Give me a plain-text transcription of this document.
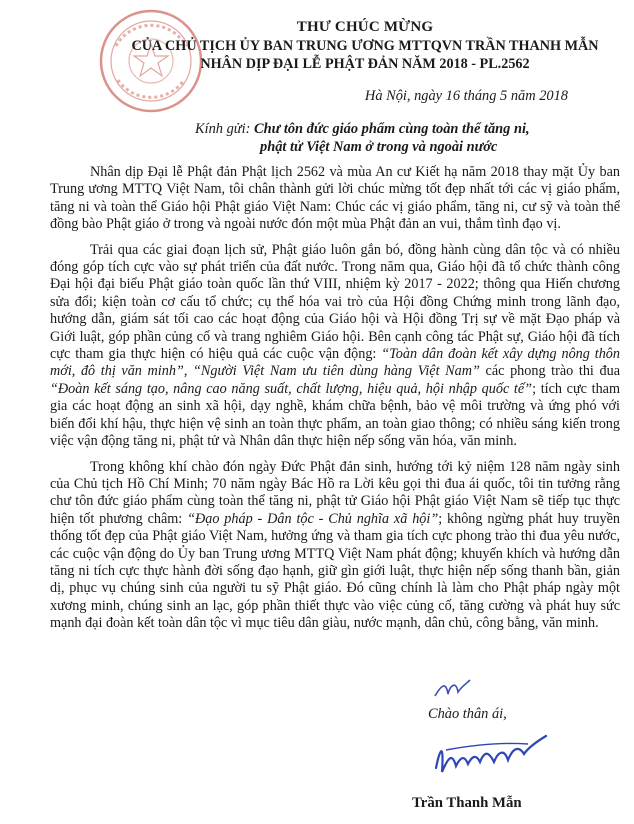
THƯ CHÚC MỪNG
CỦA CHỦ TỊCH ỦY BAN TRUNG ƯƠNG MTTQVN TRẦN THANH MẪN
NHÂN DỊP ĐẠI LỄ PHẬT ĐẢN NĂM 2018 - PL.2562
Hà Nội, ngày 16 tháng 5 năm 2018
Kính gửi: Chư tôn đức giáo phẩm cùng toàn thể tăng ni,
phật tử Việt Nam ở trong và ngoài nước

Nhân dịp Đại lễ Phật đản Phật lịch 2562 và mùa An cư Kiết hạ năm 2018 thay mặt Ủy ban Trung ương MTTQ Việt Nam, tôi chân thành gửi lời chúc mừng tốt đẹp nhất tới các vị giáo phẩm, tăng ni và toàn thể Giáo hội Phật giáo Việt Nam: Chúc các vị giáo phẩm, tăng ni, cư sỹ và toàn thể đồng bào Phật giáo ở trong và ngoài nước đón một mùa Phật đản an vui, thắm tình đạo vị.

Trải qua các giai đoạn lịch sử, Phật giáo luôn gắn bó, đồng hành cùng dân tộc và có nhiều đóng góp tích cực vào sự phát triển của đất nước. Trong năm qua, Giáo hội đã tổ chức thành công Đại hội đại biểu Phật giáo toàn quốc lần thứ VIII, nhiệm kỳ 2017 - 2022; thông qua Hiến chương sửa đổi; kiện toàn cơ cấu tổ chức; cụ thể hóa vai trò của Hội đồng Chứng minh trong lãnh đạo, hướng dẫn, giám sát tối cao các hoạt động của Giáo hội và Hội đồng Trị sự về mặt Đạo pháp và Giới luật, góp phần củng cố và trang nghiêm Giáo hội. Bên cạnh công tác Phật sự, Giáo hội đã tích cực tham gia thực hiện có hiệu quả các cuộc vận động: “Toàn dân đoàn kết xây dựng nông thôn mới, đô thị văn minh”, “Người Việt Nam ưu tiên dùng hàng Việt Nam” các phong trào thi đua “Đoàn kết sáng tạo, nâng cao năng suất, chất lượng, hiệu quả, hội nhập quốc tế”; tích cực tham gia các hoạt động an sinh xã hội, dạy nghề, khám chữa bệnh, bảo vệ môi trường và ứng phó với biến đổi khí hậu, thực hiện vệ sinh an toàn thực phẩm, an toàn giao thông; có nhiều sáng kiến trong việc vận động tăng ni, phật tử và Nhân dân thực hiện nếp sống văn hóa, văn minh.

Trong không khí chào đón ngày Đức Phật đản sinh, hướng tới kỷ niệm 128 năm ngày sinh của Chủ tịch Hồ Chí Minh; 70 năm ngày Bác Hồ ra Lời kêu gọi thi đua ái quốc, tôi tin tưởng rằng chư tôn đức giáo phẩm cùng toàn thể tăng ni, phật tử Giáo hội Phật giáo Việt Nam sẽ tiếp tục thực hiện tốt phương châm: “Đạo pháp - Dân tộc - Chủ nghĩa xã hội”; không ngừng phát huy truyền thống tốt đẹp của Phật giáo Việt Nam, hưởng ứng và tham gia tích cực phong trào thi đua yêu nước, các cuộc vận động do Ủy ban Trung ương MTTQ Việt Nam phát động; khuyến khích và hướng dẫn tăng ni tích cực thực hành đời sống đạo hạnh, giữ gìn giới luật, thực hiện nếp sống thanh bần, giản dị, phục vụ chúng sinh của người tu sỹ Phật giáo. Đó cũng chính là làm cho Phật pháp ngày một xương minh, chúng sinh an lạc, góp phần thiết thực vào việc củng cố, tăng cường và phát huy sức mạnh đại đoàn kết toàn dân tộc vì mục tiêu dân giàu, nước mạnh, dân chủ, công bằng, văn minh.

Chào thân ái,
Trần Thanh Mẫn
